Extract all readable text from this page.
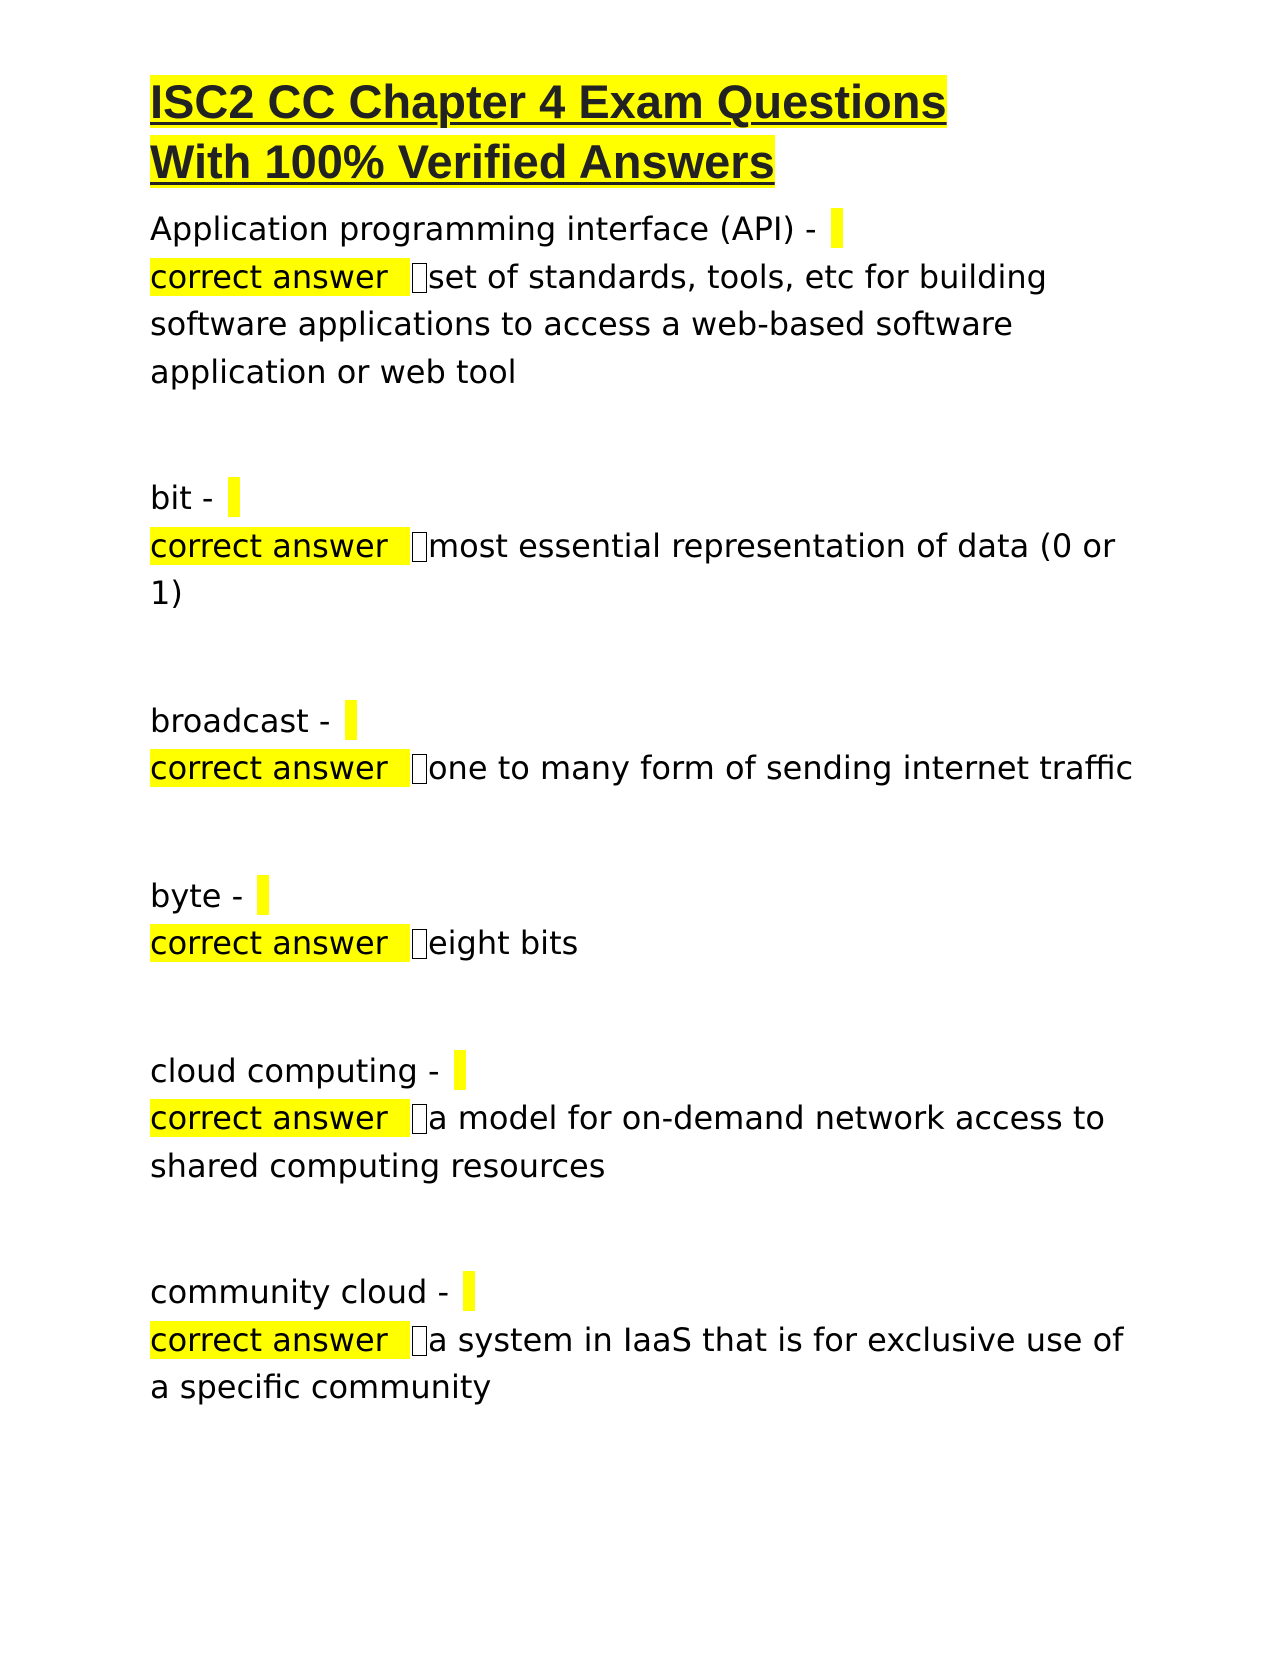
ISC2 CC Chapter 4 Exam Questions
With 100% Verified Answers
Application programming interface (API) -
correct answer set of standards, tools, etc for building software applications to access a web-based software application or web tool
bit -
correct answer most essential representation of data (0 or 1)
broadcast -
correct answer one to many form of sending internet traffic
byte -
correct answer eight bits
cloud computing -
correct answer a model for on-demand network access to shared computing resources
community cloud -
correct answer a system in IaaS that is for exclusive use of a specific community
